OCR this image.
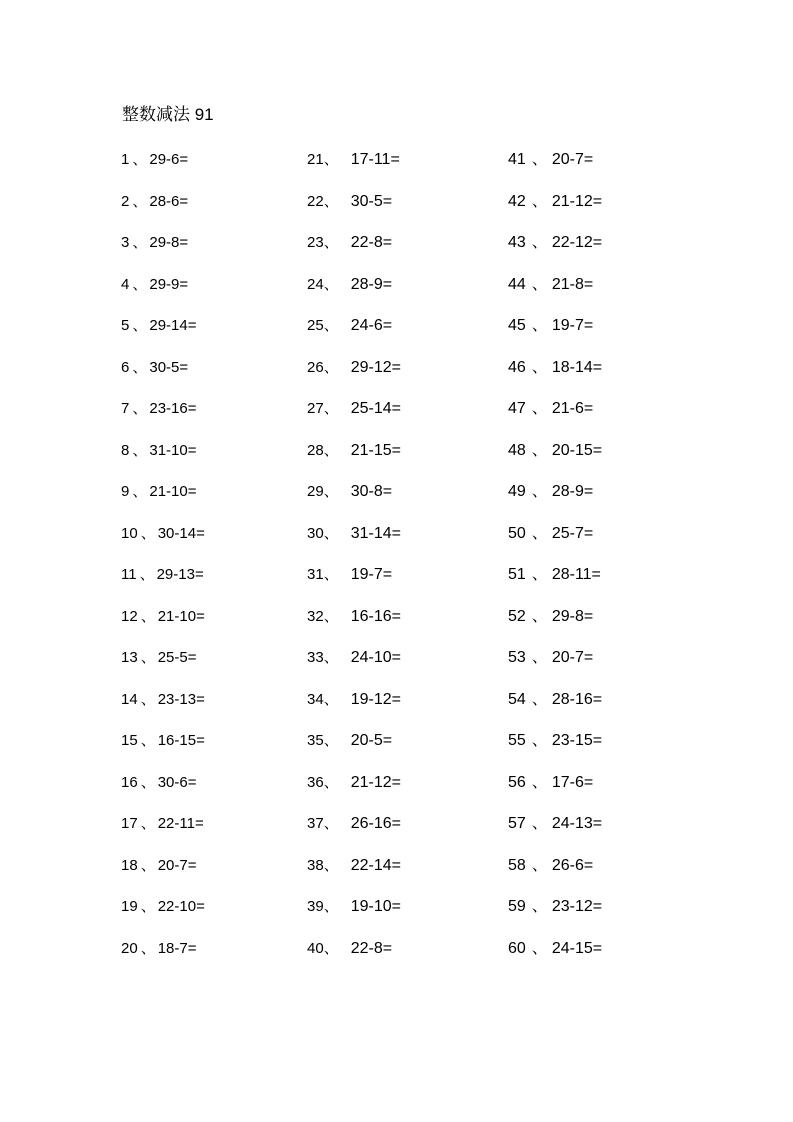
整数减法 91
1 、 29-6=
2 、 28-6=
3 、 29-8=
4 、 29-9=
5 、 29-14=
6 、 30-5=
7 、 23-16=
8 、 31-10=
9 、 21-10=
10 、 30-14=
11 、 29-13=
12 、 21-10=
13 、 25-5=
14 、 23-13=
15 、 16-15=
16 、 30-6=
17 、 22-11=
18 、 20-7=
19 、 22-10=
20 、 18-7=
21 、 17-11=
22 、 30-5=
23 、 22-8=
24 、 28-9=
25 、 24-6=
26 、 29-12=
27 、 25-14=
28 、 21-15=
29 、 30-8=
30 、 31-14=
31 、 19-7=
32 、 16-16=
33 、 24-10=
34 、 19-12=
35 、 20-5=
36 、 21-12=
37 、 26-16=
38 、 22-14=
39 、 19-10=
40 、 22-8=
41 、 20-7=
42 、 21-12=
43 、 22-12=
44 、 21-8=
45 、 19-7=
46 、 18-14=
47 、 21-6=
48 、 20-15=
49 、 28-9=
50 、 25-7=
51 、 28-11=
52 、 29-8=
53 、 20-7=
54 、 28-16=
55 、 23-15=
56 、 17-6=
57 、 24-13=
58 、 26-6=
59 、 23-12=
60 、 24-15=
